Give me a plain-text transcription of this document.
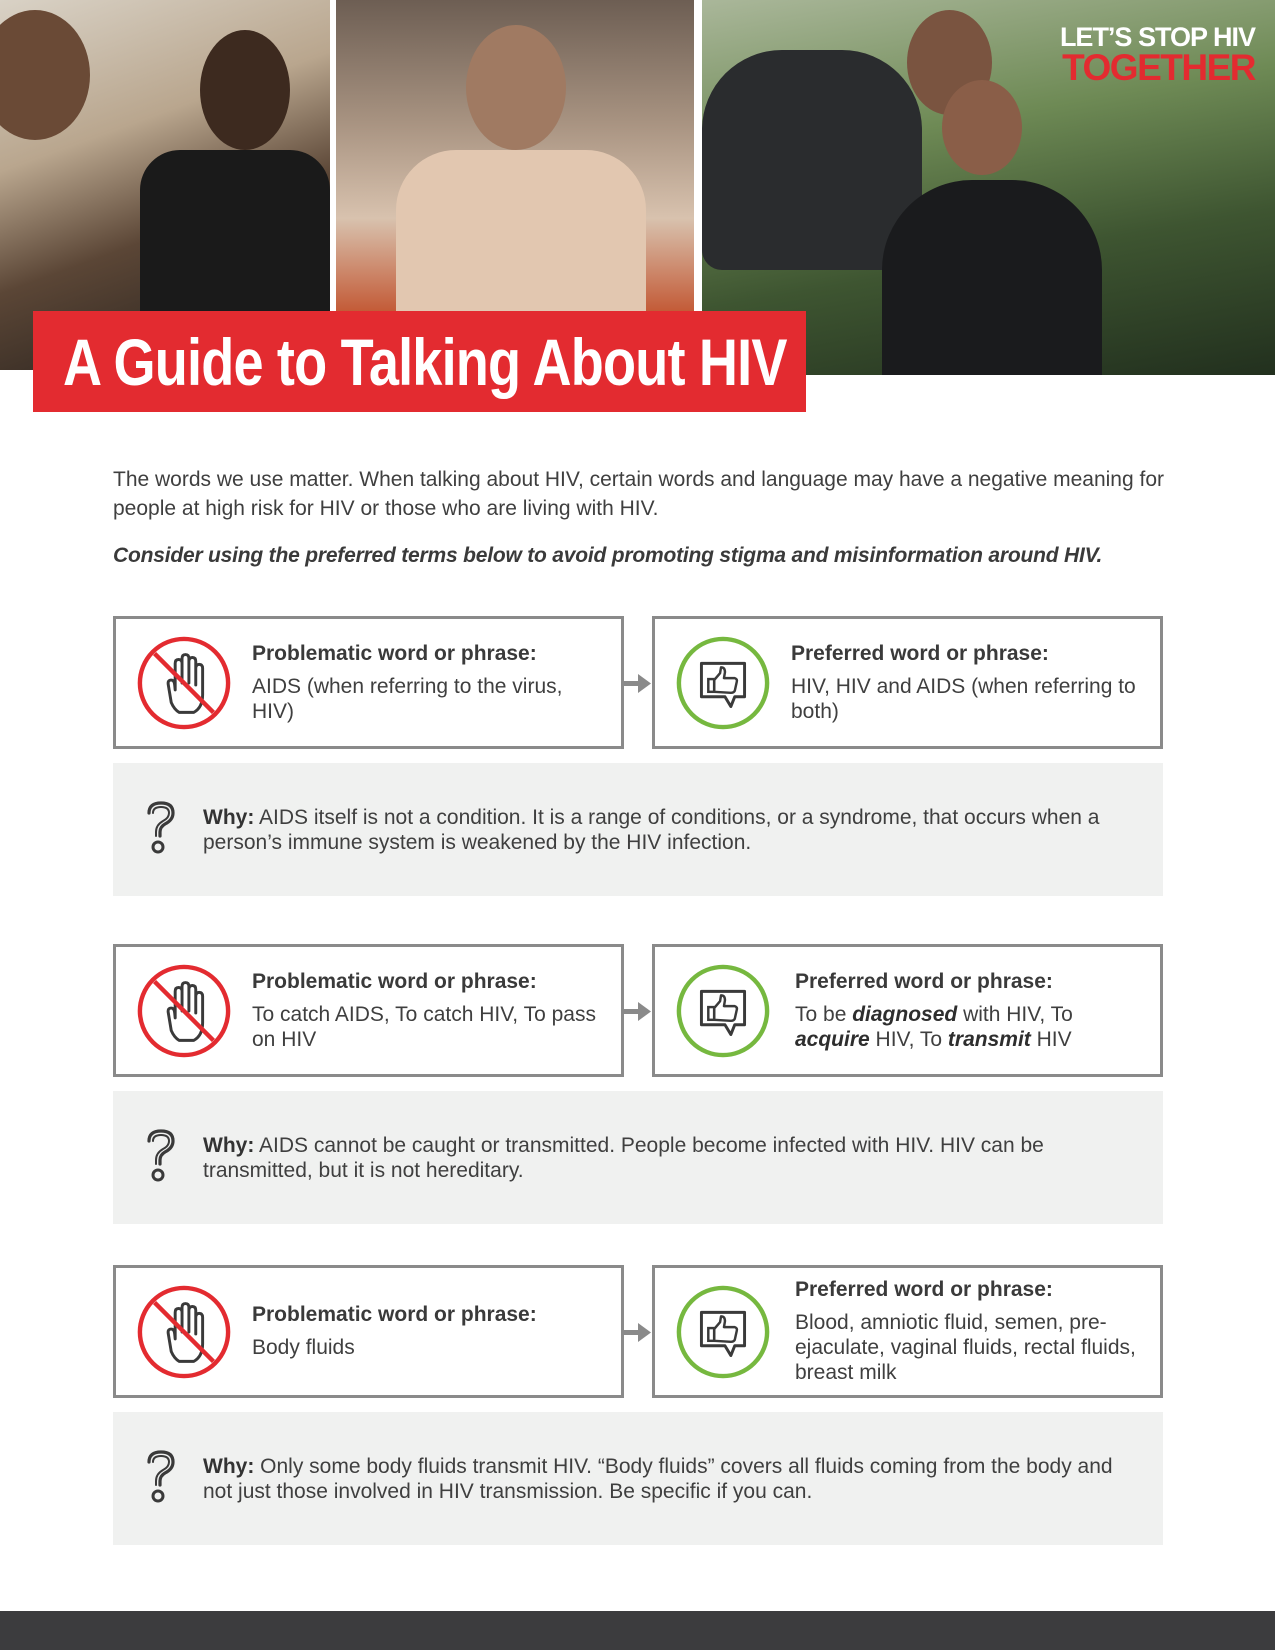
LET’S STOP HIV
TOGETHER
A Guide to Talking About HIV

The words we use matter. When talking about HIV, certain words and language may have a negative meaning for people at high risk for HIV or those who are living with HIV.

Consider using the preferred terms below to avoid promoting stigma and misinformation around HIV.

Problematic word or phrase:
AIDS (when referring to the virus, HIV)
Preferred word or phrase:
HIV, HIV and AIDS (when referring to both)
Why: AIDS itself is not a condition. It is a range of conditions, or a syndrome, that occurs when a person’s immune system is weakened by the HIV infection.
Problematic word or phrase:
To catch AIDS, To catch HIV, To pass on HIV
Preferred word or phrase:
To be diagnosed with HIV, To acquire HIV, To transmit HIV
Why: AIDS cannot be caught or transmitted. People become infected with HIV. HIV can be transmitted, but it is not hereditary.
Problematic word or phrase:
Body fluids
Preferred word or phrase:
Blood, amniotic fluid, semen, pre-ejaculate, vaginal fluids, rectal fluids, breast milk
Why: Only some body fluids transmit HIV. “Body fluids” covers all fluids coming from the body and not just those involved in HIV transmission. Be specific if you can.
